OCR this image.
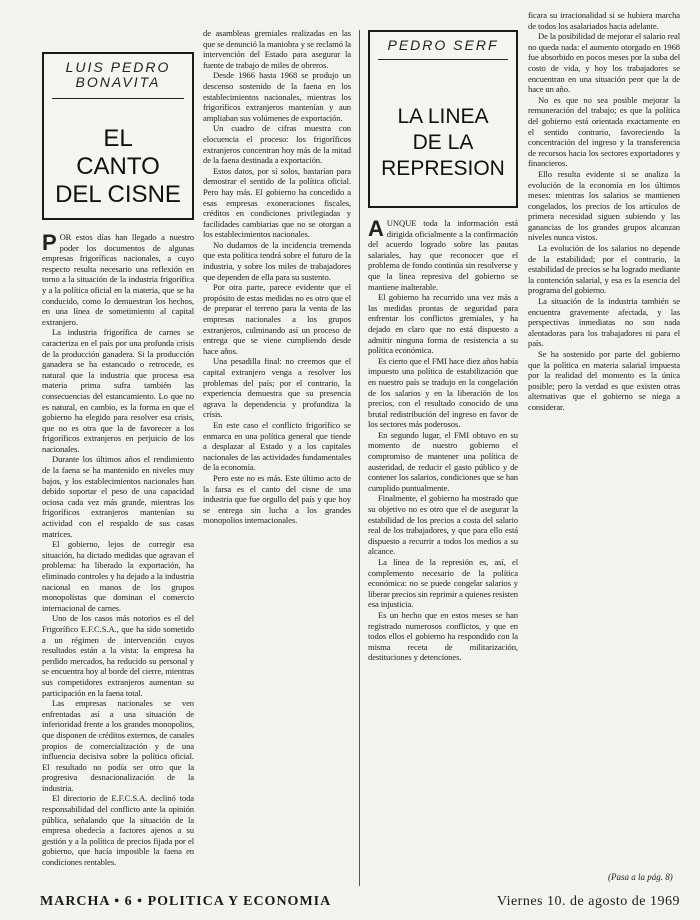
LUIS PEDRO BONAVITA

EL
CANTO
DEL CISNE

POR estos días han llegado a nuestro poder los documentos de algunas empresas frigoríficas nacionales, a cuyo respecto resulta necesario una reflexión en torno a la situación de la industria frigorífica y a la política oficial en la materia, que se ha conducido, como lo demuestran los hechos, en una línea de sometimiento al capital extranjero.

La industria frigorífica de carnes se caracteriza en el país por una profunda crisis de la producción ganadera. Si la producción ganadera se ha estancado o retrocede, es natural que la industria que procesa esa materia prima sufra también las consecuencias del estancamiento. Lo que no es natural, en cambio, es la forma en que el gobierno ha elegido para resolver esa crisis, que no es otra que la de favorecer a los frigoríficos extranjeros en perjuicio de los nacionales.

Durante los últimos años el rendimiento de la faena se ha mantenido en niveles muy bajos, y los establecimientos nacionales han debido soportar el peso de una capacidad ociosa cada vez más grande, mientras los frigoríficos extranjeros mantenían su actividad con el respaldo de sus casas matrices.

El gobierno, lejos de corregir esa situación, ha dictado medidas que agravan el problema: ha liberado la exportación, ha eliminado controles y ha dejado a la industria nacional en manos de los grupos monopolistas que dominan el comercio internacional de carnes.

Uno de los casos más notorios es el del Frigorífico E.F.C.S.A., que ha sido sometido a un régimen de intervención cuyos resultados están a la vista: la empresa ha perdido mercados, ha reducido su personal y se encuentra hoy al borde del cierre, mientras sus competidores extranjeros aumentan su participación en la faena total.

Las empresas nacionales se ven enfrentadas así a una situación de inferioridad frente a los grandes monopolios, que disponen de créditos externos, de canales propios de comercialización y de una influencia decisiva sobre la política oficial. El resultado no podía ser otro que la progresiva desnacionalización de la industria.

El directorio de E.F.C.S.A. declinó toda responsabilidad del conflicto ante la opinión pública, señalando que la situación de la empresa obedecía a factores ajenos a su gestión y a la política de precios fijada por el gobierno, que hacía imposible la faena en condiciones rentables.

de asambleas gremiales realizadas en las que se denunció la maniobra y se reclamó la intervención del Estado para asegurar la fuente de trabajo de miles de obreros.

Desde 1966 hasta 1968 se produjo un descenso sostenido de la faena en los establecimientos nacionales, mientras los frigoríficos extranjeros mantenían y aun ampliaban sus volúmenes de exportación.

Un cuadro de cifras muestra con elocuencia el proceso: los frigoríficos extranjeros concentran hoy más de la mitad de la faena destinada a exportación.

Estos datos, por sí solos, bastarían para demostrar el sentido de la política oficial. Pero hay más. El gobierno ha concedido a esas empresas exoneraciones fiscales, créditos en condiciones privilegiadas y facilidades cambiarias que no se otorgan a los establecimientos nacionales.

No dudamos de la incidencia tremenda que esta política tendrá sobre el futuro de la industria, y sobre los miles de trabajadores que dependen de ella para su sustento.

Por otra parte, parece evidente que el propósito de estas medidas no es otro que el de preparar el terreno para la venta de las empresas nacionales a los grupos extranjeros, culminando así un proceso de entrega que se viene cumpliendo desde hace años.

Una pesadilla final: no creemos que el capital extranjero venga a resolver los problemas del país; por el contrario, la experiencia demuestra que su presencia agrava la dependencia y profundiza la crisis.

En este caso el conflicto frigorífico se enmarca en una política general que tiende a desplazar al Estado y a los capitales nacionales de las actividades fundamentales de la economía.

Pero este no es más. Este último acto de la farsa es el canto del cisne de una industria que fue orgullo del país y que hoy se entrega sin lucha a los grandes monopolios internacionales.

PEDRO SERF

LA LINEA
DE LA
REPRESION

AUNQUE toda la información está dirigida oficialmente a la confirmación del acuerdo logrado sobre las pautas salariales, hay que reconocer que el problema de fondo continúa sin resolverse y que la línea represiva del gobierno se mantiene inalterable.

El gobierno ha recurrido una vez más a las medidas prontas de seguridad para enfrentar los conflictos gremiales, y ha dejado en claro que no está dispuesto a admitir ninguna forma de resistencia a su política económica.

Es cierto que el FMI hace diez años había impuesto una política de estabilización que en nuestro país se tradujo en la congelación de los salarios y en la liberación de los precios, con el resultado conocido de una brutal redistribución del ingreso en favor de los sectores más poderosos.

En segundo lugar, el FMI obtuvo en su momento de nuestro gobierno el compromiso de mantener una política de austeridad, de reducir el gasto público y de contener los salarios, condiciones que se han cumplido puntualmente.

Finalmente, el gobierno ha mostrado que su objetivo no es otro que el de asegurar la estabilidad de los precios a costa del salario real de los trabajadores, y que para ello está dispuesto a recurrir a todos los medios a su alcance.

La línea de la represión es, así, el complemento necesario de la política económica: no se puede congelar salarios y liberar precios sin reprimir a quienes resisten esa injusticia.

Es un hecho que en estos meses se han registrado numerosos conflictos, y que en todos ellos el gobierno ha respondido con la misma receta de militarización, destituciones y detenciones.

ficara su irracionalidad si se hubiera marcha de todos los asalariados hacia adelante.

De la posibilidad de mejorar el salario real no queda nada: el aumento otorgado en 1968 fue absorbido en pocos meses por la suba del costo de vida, y hoy los trabajadores se encuentran en una situación peor que la de hace un año.

No es que no sea posible mejorar la remuneración del trabajo; es que la política del gobierno está orientada exactamente en el sentido contrario, favoreciendo la concentración del ingreso y la transferencia de recursos hacia los sectores exportadores y financieros.

Ello resulta evidente si se analiza la evolución de la economía en los últimos meses: mientras los salarios se mantienen congelados, los precios de los artículos de primera necesidad siguen subiendo y las ganancias de los grandes grupos alcanzan niveles nunca vistos.

La evolución de los salarios no depende de la estabilidad; por el contrario, la estabilidad de precios se ha logrado mediante la contención salarial, y esa es la esencia del programa del gobierno.

La situación de la industria también se encuentra gravemente afectada, y las perspectivas inmediatas no son nada alentadoras para los trabajadores ni para el país.

Se ha sostenido por parte del gobierno que la política en materia salarial impuesta por la realidad del momento es la única posible; pero la verdad es que existen otras alternativas que el gobierno se niega a considerar.

(Pasa a la pág. 8)
MARCHA • 6 • POLITICA Y ECONOMIA	Viernes 10. de agosto de 1969
